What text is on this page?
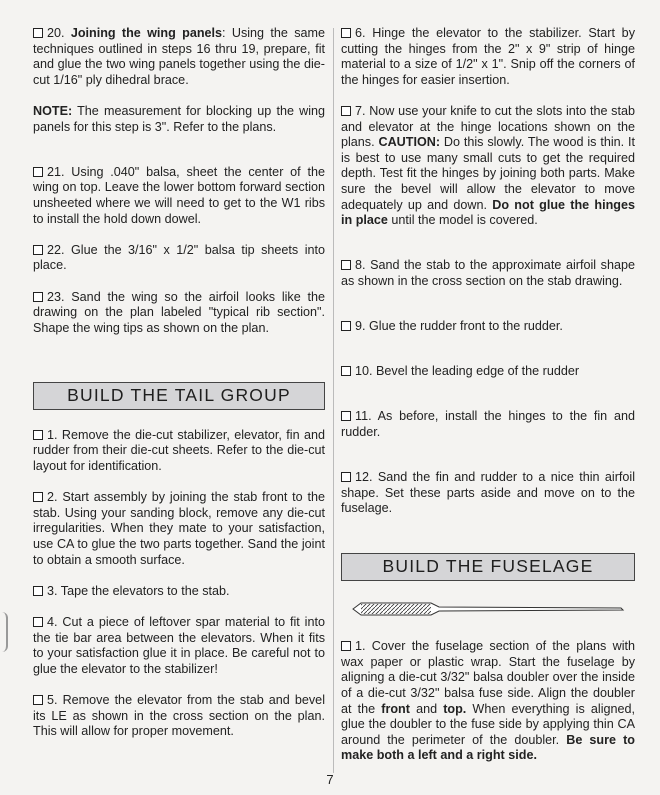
20. Joining the wing panels: Using the same techniques outlined in steps 16 thru 19, prepare, fit and glue the two wing panels together using the die-cut 1/16" ply dihedral brace.

NOTE: The measurement for blocking up the wing panels for this step is 3". Refer to the plans.

21. Using .040" balsa, sheet the center of the wing on top. Leave the lower bottom forward section unsheeted where we will need to get to the W1 ribs to install the hold down dowel.

22. Glue the 3/16" x 1/2" balsa tip sheets into place.

23. Sand the wing so the airfoil looks like the drawing on the plan labeled "typical rib section". Shape the wing tips as shown on the plan.

BUILD THE TAIL GROUP

1. Remove the die-cut stabilizer, elevator, fin and rudder from their die-cut sheets. Refer to the die-cut layout for identification.

2. Start assembly by joining the stab front to the stab. Using your sanding block, remove any die-cut irregularities. When they mate to your satisfaction, use CA to glue the two parts together. Sand the joint to obtain a smooth surface.

3. Tape the elevators to the stab.

4. Cut a piece of leftover spar material to fit into the tie bar area between the elevators. When it fits to your satisfaction glue it in place. Be careful not to glue the elevator to the stabilizer!

5. Remove the elevator from the stab and bevel its LE as shown in the cross section on the plan. This will allow for proper movement.

6. Hinge the elevator to the stabilizer. Start by cutting the hinges from the 2" x 9" strip of hinge material to a size of 1/2" x 1". Snip off the corners of the hinges for easier insertion.

7. Now use your knife to cut the slots into the stab and elevator at the hinge locations shown on the plans. CAUTION: Do this slowly. The wood is thin. It is best to use many small cuts to get the required depth. Test fit the hinges by joining both parts. Make sure the bevel will allow the elevator to move adequately up and down. Do not glue the hinges in place until the model is covered.

8. Sand the stab to the approximate airfoil shape as shown in the cross section on the stab drawing.

9. Glue the rudder front to the rudder.

10. Bevel the leading edge of the rudder

11. As before, install the hinges to the fin and rudder.

12. Sand the fin and rudder to a nice thin airfoil shape. Set these parts aside and move on to the fuselage.

BUILD THE FUSELAGE

1. Cover the fuselage section of the plans with wax paper or plastic wrap. Start the fuselage by aligning a die-cut 3/32" balsa doubler over the inside of a die-cut 3/32" balsa fuse side. Align the doubler at the front and top. When everything is aligned, glue the doubler to the fuse side by applying thin CA around the perimeter of the doubler. Be sure to make both a left and a right side.

7
